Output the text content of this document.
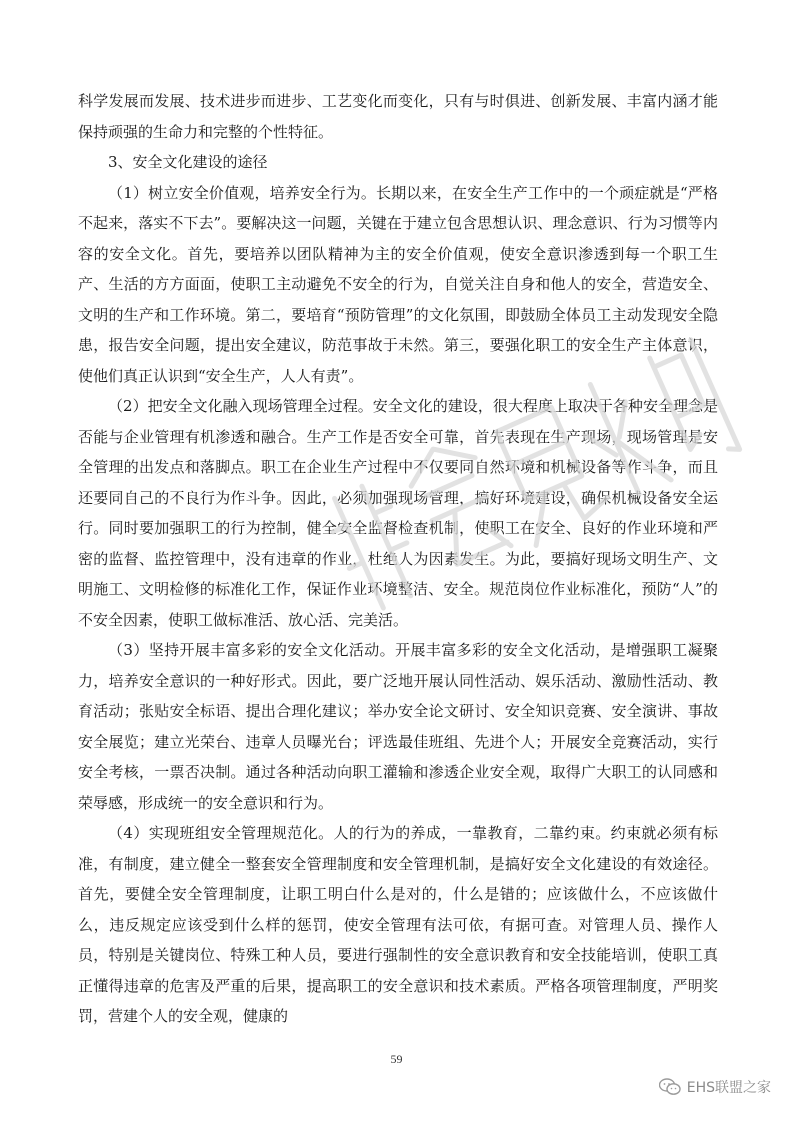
科学发展而发展、技术进步而进步、工艺变化而变化，只有与时俱进、创新发展、丰富内涵才能保持顽强的生命力和完整的个性特征。

3、安全文化建设的途径

（1）树立安全价值观，培养安全行为。长期以来，在安全生产工作中的一个顽症就是“严格不起来，落实不下去”。要解决这一问题，关键在于建立包含思想认识、理念意识、行为习惯等内容的安全文化。首先，要培养以团队精神为主的安全价值观，使安全意识渗透到每一个职工生产、生活的方方面面，使职工主动避免不安全的行为，自觉关注自身和他人的安全，营造安全、文明的生产和工作环境。第二，要培育“预防管理”的文化氛围，即鼓励全体员工主动发现安全隐患，报告安全问题，提出安全建议，防范事故于未然。第三，要强化职工的安全生产主体意识，使他们真正认识到“安全生产，人人有责”。

（2）把安全文化融入现场管理全过程。安全文化的建设，很大程度上取决于各种安全理念是否能与企业管理有机渗透和融合。生产工作是否安全可靠，首先表现在生产现场，现场管理是安全管理的出发点和落脚点。职工在企业生产过程中不仅要同自然环境和机械设备等作斗争，而且还要同自己的不良行为作斗争。因此，必须加强现场管理，搞好环境建设，确保机械设备安全运行。同时要加强职工的行为控制，健全安全监督检查机制，使职工在安全、良好的作业环境和严密的监督、监控管理中，没有违章的作业，杜绝人为因素发生。为此，要搞好现场文明生产、文明施工、文明检修的标准化工作，保证作业环境整洁、安全。规范岗位作业标准化，预防“人”的不安全因素，使职工做标准活、放心活、完美活。

（3）坚持开展丰富多彩的安全文化活动。开展丰富多彩的安全文化活动，是增强职工凝聚力，培养安全意识的一种好形式。因此，要广泛地开展认同性活动、娱乐活动、激励性活动、教育活动；张贴安全标语、提出合理化建议；举办安全论文研讨、安全知识竞赛、安全演讲、事故安全展览；建立光荣台、违章人员曝光台；评选最佳班组、先进个人；开展安全竞赛活动，实行安全考核，一票否决制。通过各种活动向职工灌输和渗透企业安全观，取得广大职工的认同感和荣辱感，形成统一的安全意识和行为。

（4）实现班组安全管理规范化。人的行为的养成，一靠教育，二靠约束。约束就必须有标准，有制度，建立健全一整套安全管理制度和安全管理机制，是搞好安全文化建设的有效途径。首先，要健全安全管理制度，让职工明白什么是对的，什么是错的；应该做什么，不应该做什么，违反规定应该受到什么样的惩罚，使安全管理有法可依，有据可查。对管理人员、操作人员，特别是关键岗位、特殊工种人员，要进行强制性的安全意识教育和安全技能培训，使职工真正懂得违章的危害及严重的后果，提高职工的安全意识和技术素质。严格各项管理制度，严明奖罚，营建个人的安全观，健康的

59
EHS联盟之家
